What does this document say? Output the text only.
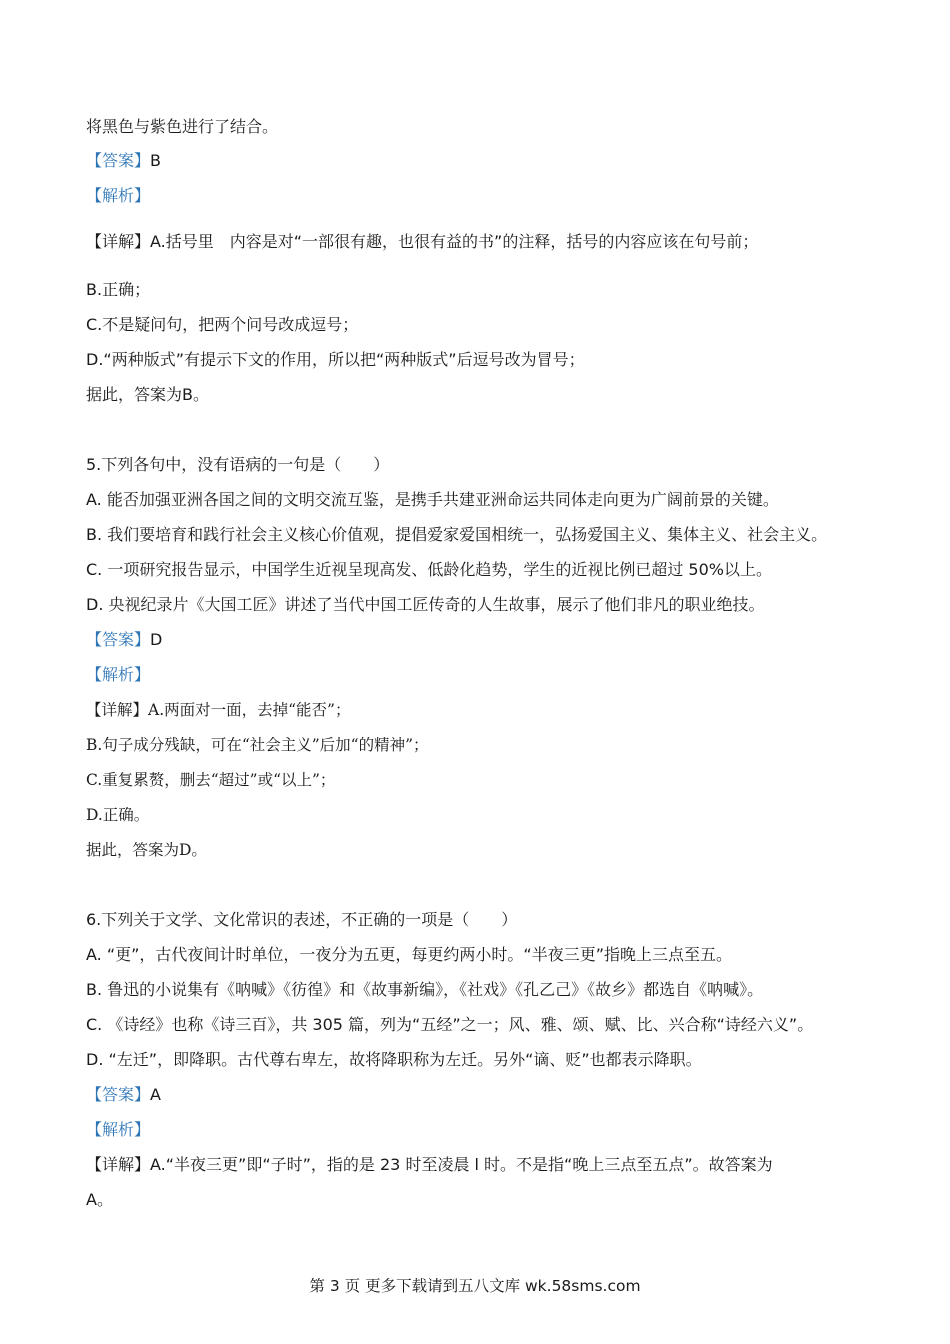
将黑色与紫色进行了结合。
【答案】B
【解析】
【详解】A.括号里　内容是对“一部很有趣，也很有益的书”的注释，括号的内容应该在句号前；
B.正确；
C.不是疑问句，把两个问号改成逗号；
D.“两种版式”有提示下文的作用，所以把“两种版式”后逗号改为冒号；
据此，答案为B。
5.下列各句中，没有语病的一句是（　　）
A. 能否加强亚洲各国之间的文明交流互鉴，是携手共建亚洲命运共同体走向更为广阔前景的关键。
B. 我们要培育和践行社会主义核心价值观，提倡爱家爱国相统一，弘扬爱国主义、集体主义、社会主义。
C. 一项研究报告显示，中国学生近视呈现高发、低龄化趋势，学生的近视比例已超过 50%以上。
D. 央视纪录片《大国工匠》讲述了当代中国工匠传奇的人生故事，展示了他们非凡的职业绝技。
【答案】D
【解析】
【详解】A.两面对一面，去掉“能否”；
B.句子成分残缺，可在“社会主义”后加“的精神”；
C.重复累赘，删去“超过”或“以上”；
D.正确。
据此，答案为D。
6.下列关于文学、文化常识的表述，不正确的一项是（　　）
A. “更”，古代夜间计时单位，一夜分为五更，每更约两小时。“半夜三更”指晚上三点至五。
B. 鲁迅的小说集有《呐喊》《彷徨》和《故事新编》，《社戏》《孔乙己》《故乡》都选自《呐喊》。
C. 《诗经》也称《诗三百》，共 305 篇，列为“五经”之一；风、雅、颂、赋、比、兴合称“诗经六义”。
D. “左迁”，即降职。古代尊右卑左，故将降职称为左迁。另外“谪、贬”也都表示降职。
【答案】A
【解析】
【详解】A.“半夜三更”即“子时”，指的是 23 时至凌晨 l 时。不是指“晚上三点至五点”。故答案为
A。
第 3 页 更多下载请到五八文库 wk.58sms.com
